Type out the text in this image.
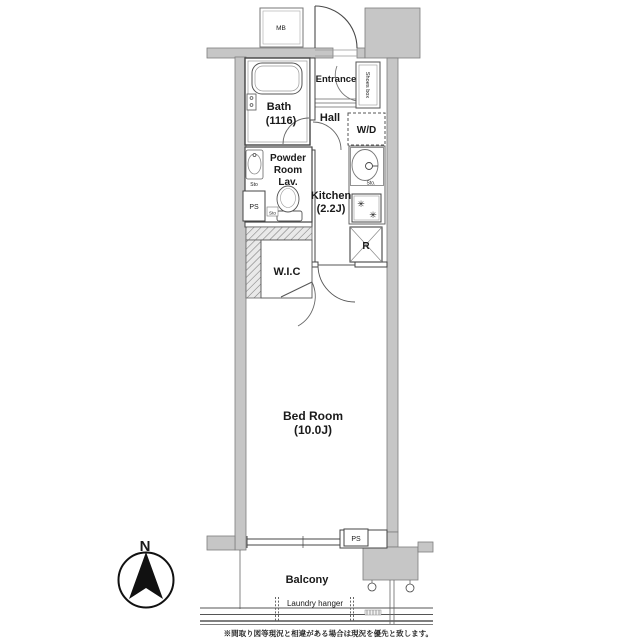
MB
Shoes box
Entrance
Bath
(1116)
Sto
PS
Sto
Powder
Room
Lav.
Hall
W/D
Sto.
✳
✳
Kitchen
(2.2J)
R
W.I.C
Bed Room
(10.0J)
PS
Balcony
Laundry hanger
N
※間取り図等現況と相違がある場合は現況を優先と致します。
